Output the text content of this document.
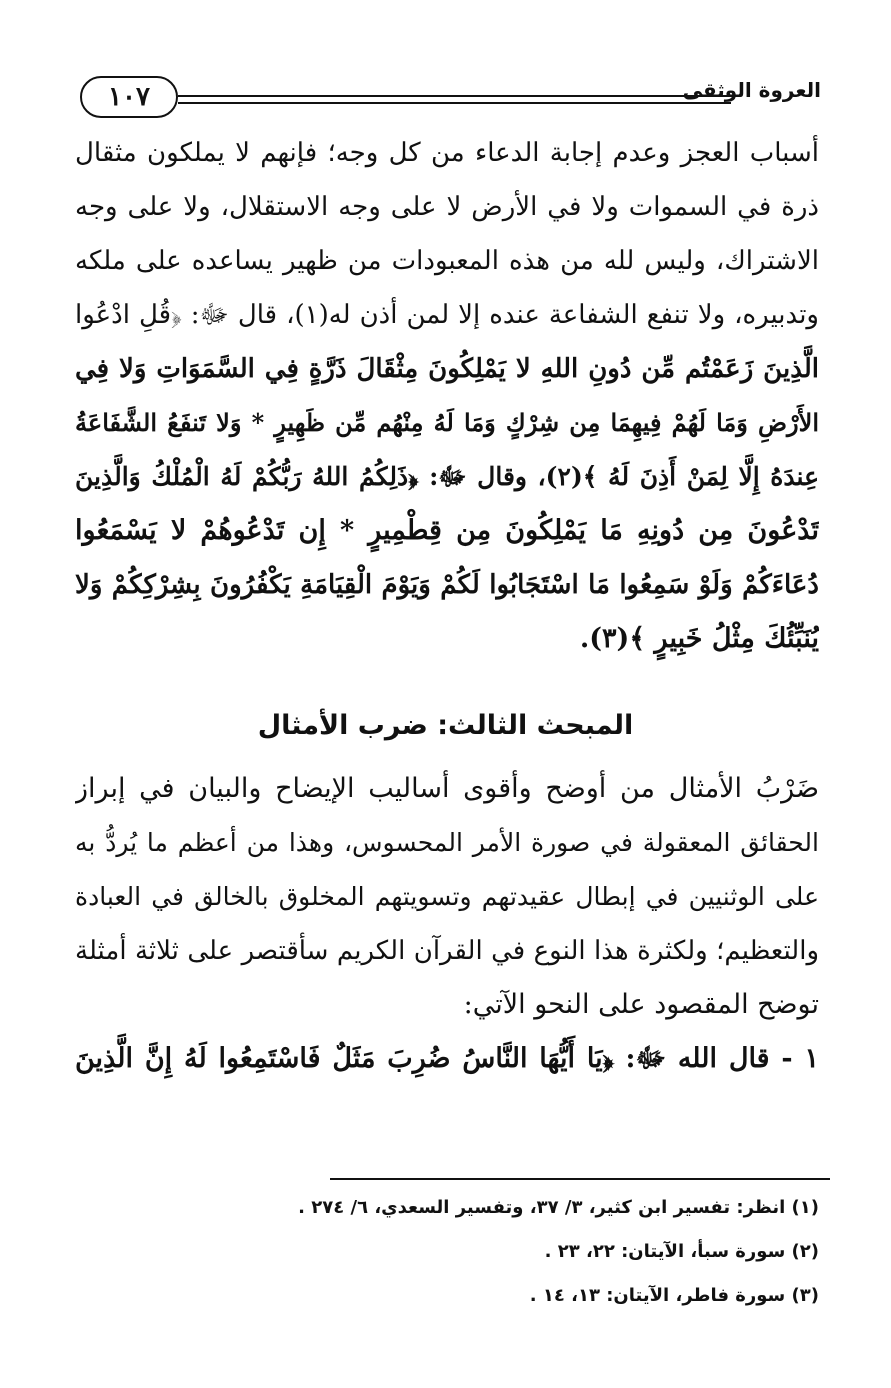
العروة الوثقى
١٠٧
أسباب العجز وعدم إجابة الدعاء من كل وجه؛ فإنهم لا يملكون مثقال
ذرة في السموات ولا في الأرض لا على وجه الاستقلال، ولا على وجه
الاشتراك، وليس لله من هذه المعبودات من ظهير يساعده على ملكه
وتدبيره، ولا تنفع الشفاعة عنده إلا لمن أذن له(١)، قال ﷻ: ﴿قُلِ ادْعُوا
الَّذِينَ زَعَمْتُم مِّن دُونِ اللهِ لا يَمْلِكُونَ مِثْقَالَ ذَرَّةٍ فِي السَّمَوَاتِ وَلا فِي
الأَرْضِ وَمَا لَهُمْ فِيهِمَا مِن شِرْكٍ وَمَا لَهُ مِنْهُم مِّن ظَهِيرٍ * وَلا تَنفَعُ الشَّفَاعَةُ
عِندَهُ إِلَّا لِمَنْ أَذِنَ لَهُ ﴾(٢)، وقال ﷻ: ﴿ذَلِكُمُ اللهُ رَبُّكُمْ لَهُ الْمُلْكُ وَالَّذِينَ
تَدْعُونَ مِن دُونِهِ مَا يَمْلِكُونَ مِن قِطْمِيرٍ * إِن تَدْعُوهُمْ لا يَسْمَعُوا
دُعَاءَكُمْ وَلَوْ سَمِعُوا مَا اسْتَجَابُوا لَكُمْ وَيَوْمَ الْقِيَامَةِ يَكْفُرُونَ بِشِرْكِكُمْ وَلا
يُنَبِّئُكَ مِثْلُ خَبِيرٍ ﴾(٣).
المبحث الثالث: ضرب الأمثال
ضَرْبُ الأمثال من أوضح وأقوى أساليب الإيضاح والبيان في إبراز
الحقائق المعقولة في صورة الأمر المحسوس، وهذا من أعظم ما يُردُّ به
على الوثنيين في إبطال عقيدتهم وتسويتهم المخلوق بالخالق في العبادة
والتعظيم؛ ولكثرة هذا النوع في القرآن الكريم سأقتصر على ثلاثة أمثلة
توضح المقصود على النحو الآتي:
١ - قال الله ﷻ: ﴿يَا أَيُّهَا النَّاسُ ضُرِبَ مَثَلٌ فَاسْتَمِعُوا لَهُ إِنَّ الَّذِينَ
(١) انظر: تفسير ابن كثير، ٣/ ٣٧، وتفسير السعدي، ٦/ ٢٧٤ .
(٢) سورة سبأ، الآيتان: ٢٢، ٢٣ .
(٣) سورة فاطر، الآيتان: ١٣، ١٤ .
